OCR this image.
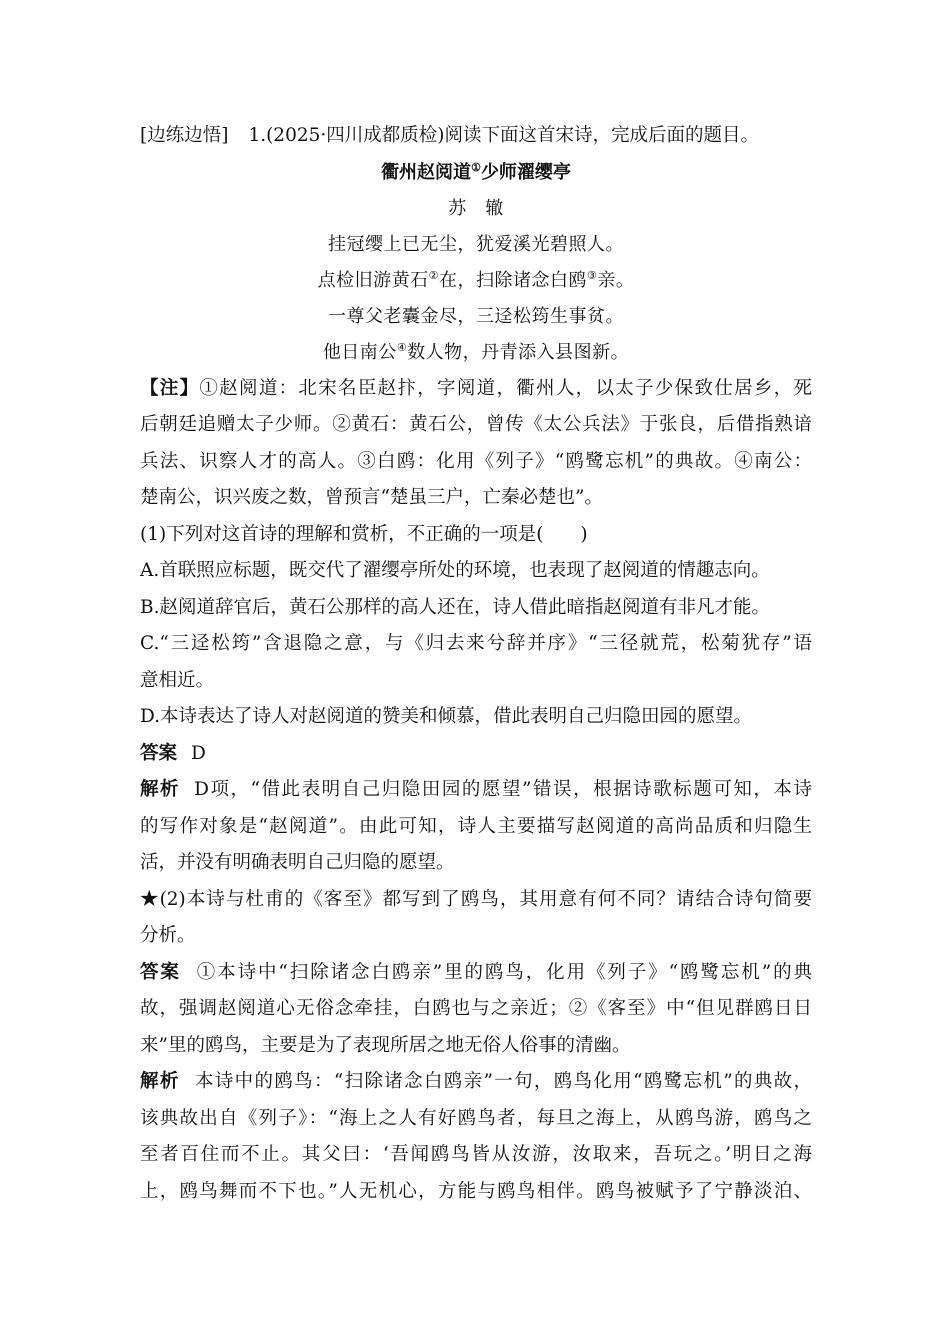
[边练边悟] 1.(2025·四川成都质检)阅读下面这首宋诗，完成后面的题目。
衢州赵阅道①少师濯缨亭
苏　辙
挂冠缨上已无尘，犹爱溪光碧照人。
点检旧游黄石②在，扫除诸念白鸥③亲。
一尊父老囊金尽，三迳松筠生事贫。
他日南公④数人物，丹青添入县图新。
【注】①赵阅道：北宋名臣赵抃，字阅道，衢州人，以太子少保致仕居乡，死
后朝廷追赠太子少师。②黄石：黄石公，曾传《太公兵法》于张良，后借指熟谙
兵法、识察人才的高人。③白鸥：化用《列子》“鸥鹭忘机”的典故。④南公：
楚南公，识兴废之数，曾预言“楚虽三户，亡秦必楚也”。
(1)下列对这首诗的理解和赏析，不正确的一项是(　　)
A.首联照应标题，既交代了濯缨亭所处的环境，也表现了赵阅道的情趣志向。
B.赵阅道辞官后，黄石公那样的高人还在，诗人借此暗指赵阅道有非凡才能。
C.“三迳松筠”含退隐之意，与《归去来兮辞并序》“三径就荒，松菊犹存”语
意相近。
D.本诗表达了诗人对赵阅道的赞美和倾慕，借此表明自己归隐田园的愿望。
答案 D
解析 D项，“借此表明自己归隐田园的愿望”错误，根据诗歌标题可知，本诗
的写作对象是“赵阅道”。由此可知，诗人主要描写赵阅道的高尚品质和归隐生
活，并没有明确表明自己归隐的愿望。
★(2)本诗与杜甫的《客至》都写到了鸥鸟，其用意有何不同？请结合诗句简要
分析。
答案 ①本诗中“扫除诸念白鸥亲”里的鸥鸟，化用《列子》“鸥鹭忘机”的典
故，强调赵阅道心无俗念牵挂，白鸥也与之亲近；②《客至》中“但见群鸥日日
来”里的鸥鸟，主要是为了表现所居之地无俗人俗事的清幽。
解析 本诗中的鸥鸟：“扫除诸念白鸥亲”一句，鸥鸟化用“鸥鹭忘机”的典故，
该典故出自《列子》：“海上之人有好鸥鸟者，每旦之海上，从鸥鸟游，鸥鸟之
至者百住而不止。其父曰：‘吾闻鸥鸟皆从汝游，汝取来，吾玩之。’明日之海
上，鸥鸟舞而不下也。”人无机心，方能与鸥鸟相伴。鸥鸟被赋予了宁静淡泊、
